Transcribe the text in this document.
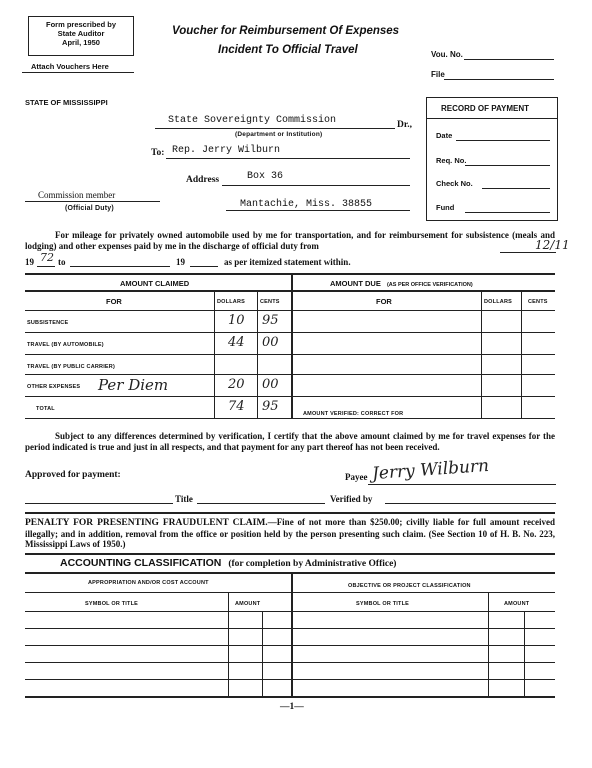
Form prescribed by
State Auditor
April, 1950
Attach Vouchers Here
Voucher for Reimbursement Of Expenses
Incident To Official Travel	Vou. No.
File
STATE OF MISSISSIPPI
State Sovereignty Commission	Dr.,
(Department or Institution)
To: Rep. Jerry Wilburn
Address	Box 36
Mantachie, Miss. 38855
Commission member
(Official Duty)
RECORD OF PAYMENT
Date
Req. No.
Check No.
Fund
For mileage for privately owned automobile used by me for transportation, and for reimbursement for subsistence (meals and lodging) and other expenses paid by me in the discharge of official duty from	12/11
19 72 to	19	as per itemized statement within.
AMOUNT CLAIMED	AMOUNT DUE (AS PER OFFICE VERIFICATION)
FOR	DOLLARS	CENTS	FOR	DOLLARS	CENTS
SUBSISTENCE	10 95
TRAVEL (BY AUTOMOBILE)	44 00
TRAVEL (BY PUBLIC CARRIER)
OTHER EXPENSES Per Diem	20 00
TOTAL	74 95	AMOUNT VERIFIED: CORRECT FOR
Subject to any differences determined by verification, I certify that the above amount claimed by me for travel expenses for the period indicated is true and just in all respects, and that payment for any part thereof has not been received.
Approved for payment:	Payee Jerry Wilburn
Title	Verified by
PENALTY FOR PRESENTING FRAUDULENT CLAIM.—Fine of not more than $250.00; civilly liable for full amount received illegally; and in addition, removal from the office or position held by the person presenting such claim. (See Section 10 of H. B. No. 223, Mississippi Laws of 1950.)
ACCOUNTING CLASSIFICATION (for completion by Administrative Office)
APPROPRIATION AND/OR COST ACCOUNT	OBJECTIVE OR PROJECT CLASSIFICATION
SYMBOL OR TITLE	AMOUNT	SYMBOL OR TITLE	AMOUNT
—1—
